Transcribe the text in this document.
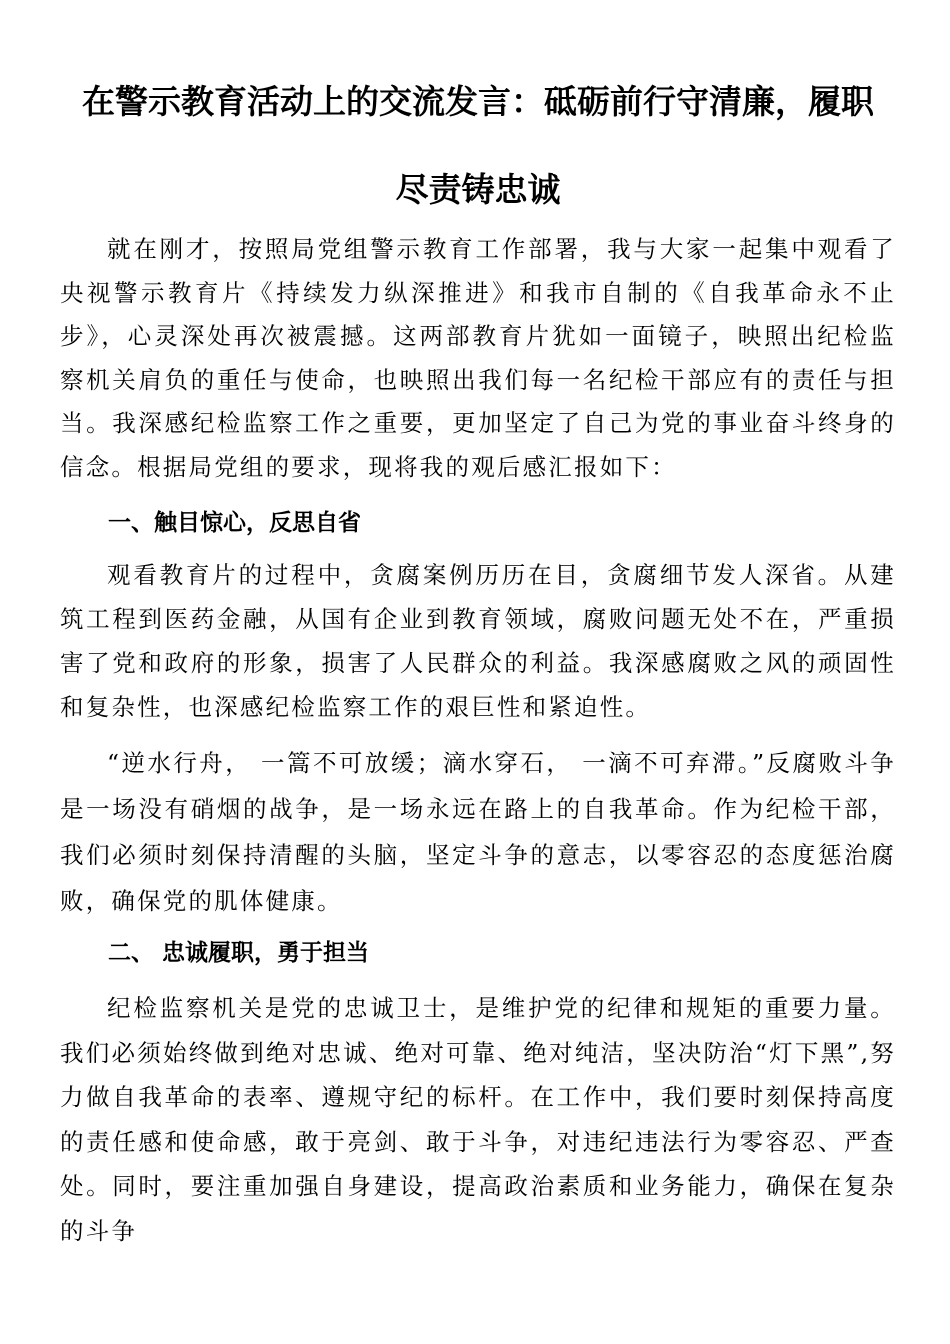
在警示教育活动上的交流发言：砥砺前行守清廉，履职
尽责铸忠诚

就在刚才，按照局党组警示教育工作部署，我与大家一起集中观看了央视警示教育片《持续发力纵深推进》和我市自制的《自我革命永不止步》，心灵深处再次被震撼。这两部教育片犹如一面镜子，映照出纪检监察机关肩负的重任与使命，也映照出我们每一名纪检干部应有的责任与担当。我深感纪检监察工作之重要，更加坚定了自己为党的事业奋斗终身的信念。根据局党组的要求，现将我的观后感汇报如下：

一、触目惊心，反思自省

观看教育片的过程中，贪腐案例历历在目，贪腐细节发人深省。从建筑工程到医药金融，从国有企业到教育领域，腐败问题无处不在，严重损害了党和政府的形象，损害了人民群众的利益。我深感腐败之风的顽固性和复杂性，也深感纪检监察工作的艰巨性和紧迫性。

“逆水行舟， 一篙不可放缓；滴水穿石， 一滴不可弃滞。”反腐败斗争是一场没有硝烟的战争，是一场永远在路上的自我革命。作为纪检干部，我们必须时刻保持清醒的头脑，坚定斗争的意志，以零容忍的态度惩治腐败，确保党的肌体健康。

二、 忠诚履职，勇于担当

纪检监察机关是党的忠诚卫士，是维护党的纪律和规矩的重要力量。我们必须始终做到绝对忠诚、绝对可靠、绝对纯洁，坚决防治“灯下黑”,努力做自我革命的表率、遵规守纪的标杆。在工作中，我们要时刻保持高度的责任感和使命感，敢于亮剑、敢于斗争，对违纪违法行为零容忍、严查处。同时，要注重加强自身建设，提高政治素质和业务能力，确保在复杂的斗争
